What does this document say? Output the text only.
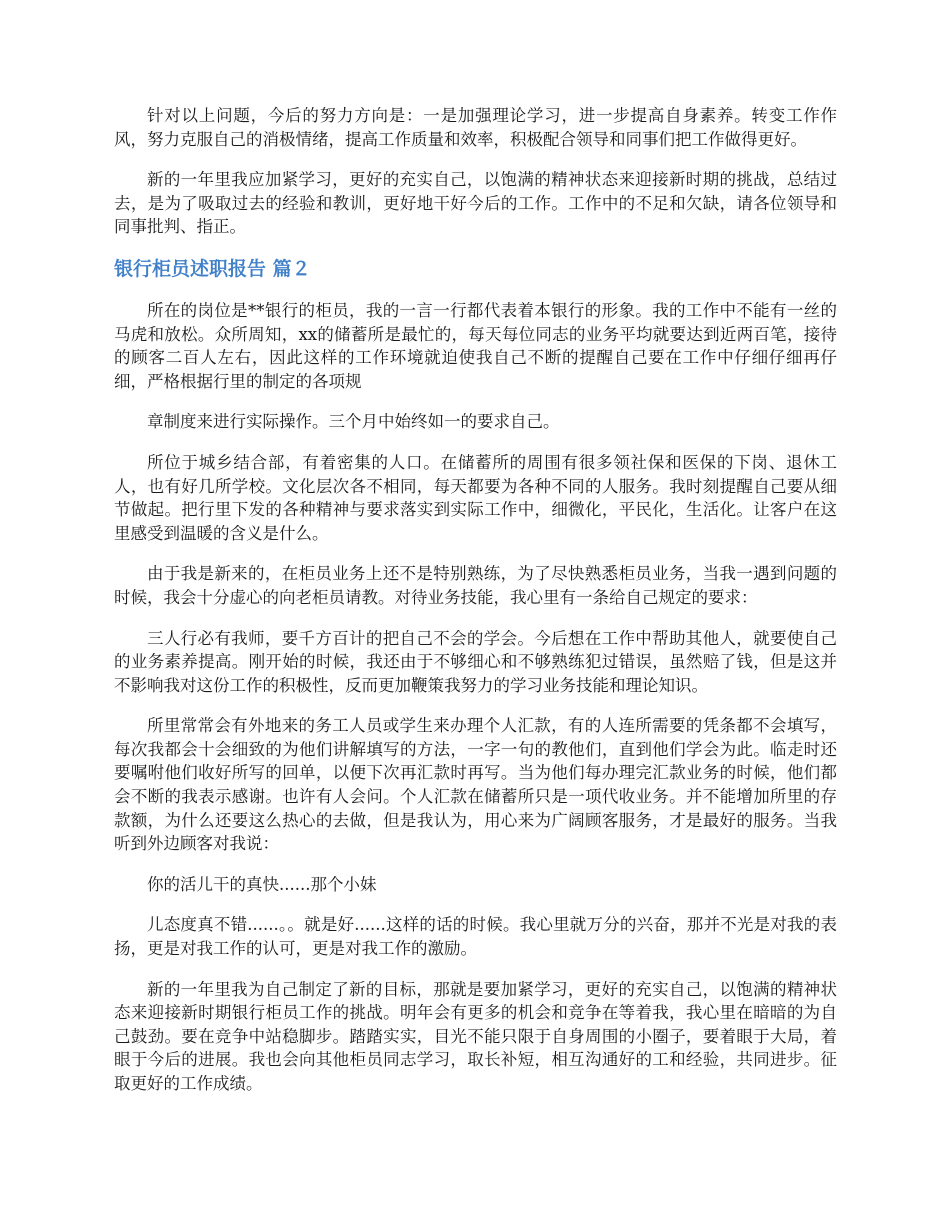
针对以上问题，今后的努力方向是：一是加强理论学习，进一步提高自身素养。转变工作作风，努力克服自己的消极情绪，提高工作质量和效率，积极配合领导和同事们把工作做得更好。

新的一年里我应加紧学习，更好的充实自己，以饱满的精神状态来迎接新时期的挑战，总结过去，是为了吸取过去的经验和教训，更好地干好今后的工作。工作中的不足和欠缺，请各位领导和同事批判、指正。

银行柜员述职报告 篇２

所在的岗位是**银行的柜员，我的一言一行都代表着本银行的形象。我的工作中不能有一丝的马虎和放松。众所周知，xx的储蓄所是最忙的，每天每位同志的业务平均就要达到近两百笔，接待的顾客二百人左右，因此这样的工作环境就迫使我自己不断的提醒自己要在工作中仔细仔细再仔细，严格根据行里的制定的各项规

章制度来进行实际操作。三个月中始终如一的要求自己。

所位于城乡结合部，有着密集的人口。在储蓄所的周围有很多领社保和医保的下岗、退休工人，也有好几所学校。文化层次各不相同，每天都要为各种不同的人服务。我时刻提醒自己要从细节做起。把行里下发的各种精神与要求落实到实际工作中，细微化，平民化，生活化。让客户在这里感受到温暖的含义是什么。

由于我是新来的，在柜员业务上还不是特别熟练，为了尽快熟悉柜员业务，当我一遇到问题的时候，我会十分虚心的向老柜员请教。对待业务技能，我心里有一条给自己规定的要求：

三人行必有我师，要千方百计的把自己不会的学会。今后想在工作中帮助其他人，就要使自己的业务素养提高。刚开始的时候，我还由于不够细心和不够熟练犯过错误，虽然赔了钱，但是这并不影响我对这份工作的积极性，反而更加鞭策我努力的学习业务技能和理论知识。

所里常常会有外地来的务工人员或学生来办理个人汇款，有的人连所需要的凭条都不会填写，每次我都会十会细致的为他们讲解填写的方法，一字一句的教他们，直到他们学会为此。临走时还要嘱咐他们收好所写的回单，以便下次再汇款时再写。当为他们每办理完汇款业务的时候，他们都会不断的我表示感谢。也许有人会问。个人汇款在储蓄所只是一项代收业务。并不能增加所里的存款额，为什么还要这么热心的去做，但是我认为，用心来为广阔顾客服务，才是最好的服务。当我听到外边顾客对我说：

你的活儿干的真快......那个小妹

儿态度真不错......。。就是好......这样的话的时候。我心里就万分的兴奋，那并不光是对我的表扬，更是对我工作的认可，更是对我工作的激励。

新的一年里我为自己制定了新的目标，那就是要加紧学习，更好的充实自己，以饱满的精神状态来迎接新时期银行柜员工作的挑战。明年会有更多的机会和竞争在等着我，我心里在暗暗的为自己鼓劲。要在竞争中站稳脚步。踏踏实实，目光不能只限于自身周围的小圈子，要着眼于大局，着眼于今后的进展。我也会向其他柜员同志学习，取长补短，相互沟通好的工和经验，共同进步。征取更好的工作成绩。
